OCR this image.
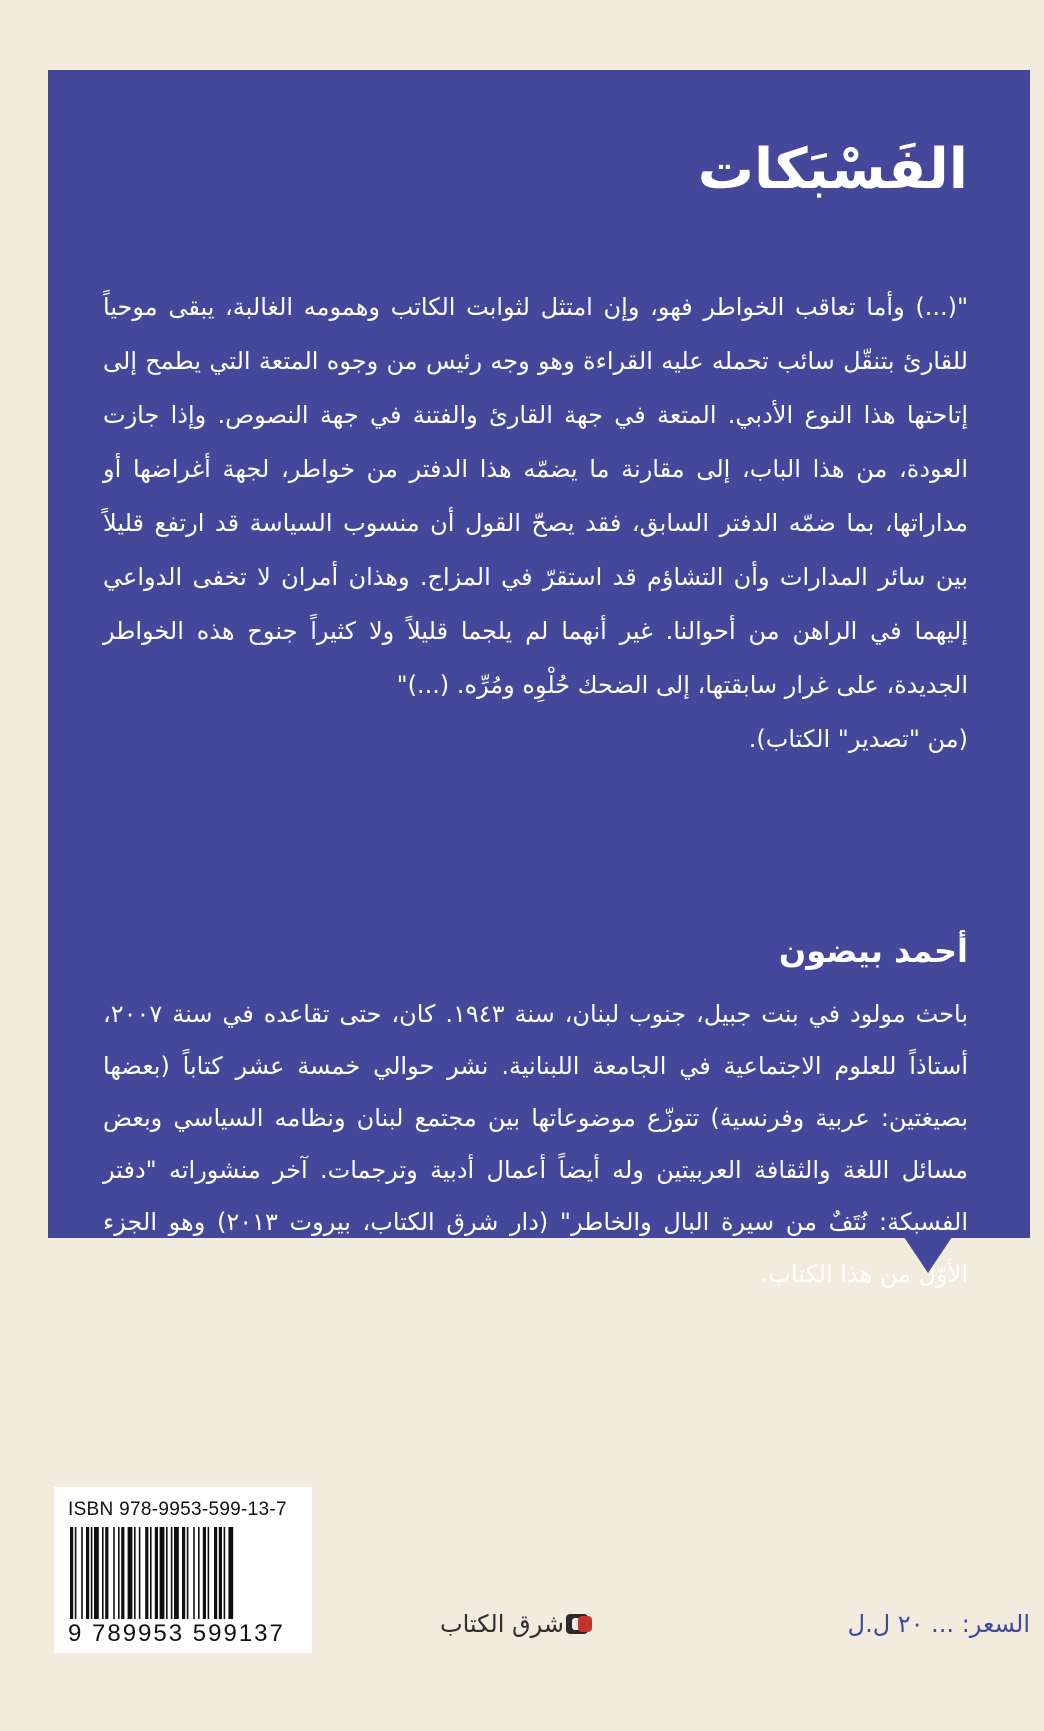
الفَسْبَكات

"(...) وأما تعاقب الخواطر فهو، وإن امتثل لثوابت الكاتب وهمومه الغالبة، يبقى موحياً للقارئ بتنقّل سائب تحمله عليه القراءة وهو وجه رئيس من وجوه المتعة التي يطمح إلى إتاحتها هذا النوع الأدبي. المتعة في جهة القارئ والفتنة في جهة النصوص. وإذا جازت العودة، من هذا الباب، إلى مقارنة ما يضمّه هذا الدفتر من خواطر، لجهة أغراضها أو مداراتها، بما ضمّه الدفتر السابق، فقد يصحّ القول أن منسوب السياسة قد ارتفع قليلاً بين سائر المدارات وأن التشاؤم قد استقرّ في المزاج. وهذان أمران لا تخفى الدواعي إليهما في الراهن من أحوالنا. غير أنهما لم يلجما قليلاً ولا كثيراً جنوح هذه الخواطر الجديدة، على غرار سابقتها، إلى الضحك حُلْوِه ومُرِّه. (...)"

(من "تصدير" الكتاب).
أحمد بيضون
باحث مولود في بنت جبيل، جنوب لبنان، سنة ١٩٤٣. كان، حتى تقاعده في سنة ٢٠٠٧، أستاذاً للعلوم الاجتماعية في الجامعة اللبنانية. نشر حوالي خمسة عشر كتاباً (بعضها بصيغتين: عربية وفرنسية) تتوزّع موضوعاتها بين مجتمع لبنان ونظامه السياسي وبعض مسائل اللغة والثقافة العربيتين وله أيضاً أعمال أدبية وترجمات. آخر منشوراته "دفتر الفسبكة: نُتَفٌ من سيرة البال والخاطر" (دار شرق الكتاب، بيروت ٢٠١٣) وهو الجزء الأوّل من هذا الكتاب.
ISBN 978-9953-599-13-7
9 789953 599137	شرق الكتاب	السعر: ... ٢٠ ل.ل
